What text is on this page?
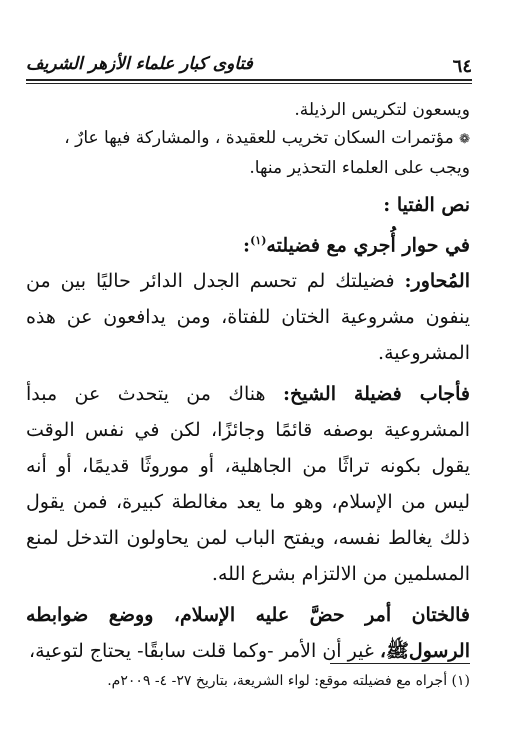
٦٤
فتاوى كبار علماء الأزهر الشريف

ويسعون لتكريس الرذيلة.

❁ مؤتمرات السكان تخريب للعقيدة ، والمشاركة فيها عارٌ ،

ويجب على العلماء التحذير منها.

نص الفتيا :

في حوار أُجري مع فضيلته$^{(١)}$:

المُحاور: فضيلتك لم تحسم الجدل الدائر حاليًا بين من ينفون مشروعية الختان للفتاة، ومن يدافعون عن هذه المشروعية.

فأجاب فضيلة الشيخ: هناك من يتحدث عن مبدأ المشروعية بوصفه قائمًا وجائزًا، لكن في نفس الوقت يقول بكونه تراثًا من الجاهلية، أو موروثًا قديمًا، أو أنه ليس من الإسلام، وهو ما يعد مغالطة كبيرة، فمن يقول ذلك يغالط نفسه، ويفتح الباب لمن يحاولون التدخل لمنع المسلمين من الالتزام بشرع الله.

فالختان أمر حضَّ عليه الإسلام، ووضع ضوابطه الرسولﷺ، غير أن الأمر -وكما قلت سابقًا- يحتاج لتوعية،

(١) أجراه مع فضيلته موقع: لواء الشريعة، بتاريخ ٢٧- ٤- ٢٠٠٩م.
